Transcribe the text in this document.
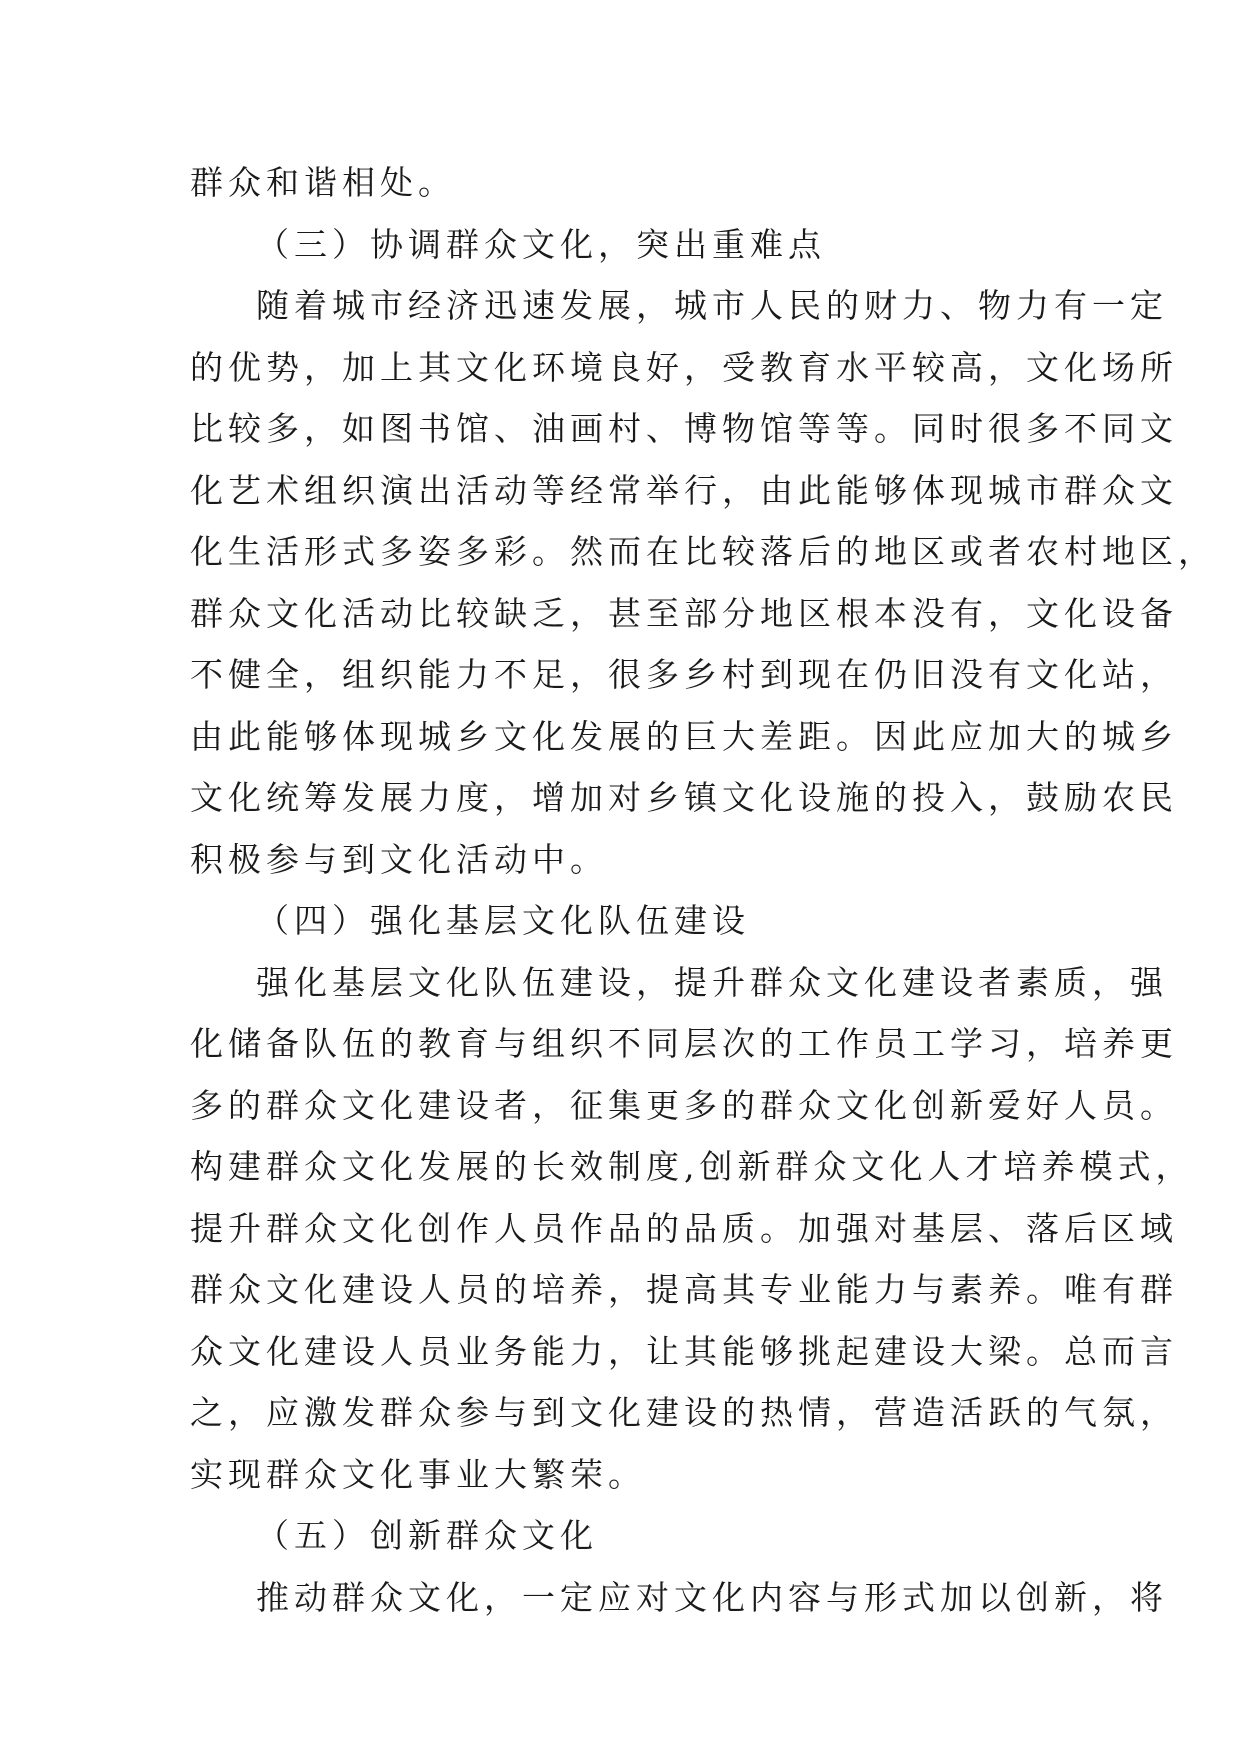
群众和谐相处。

（三）协调群众文化，突出重难点

随着城市经济迅速发展，城市人民的财力、物力有一定
的优势，加上其文化环境良好，受教育水平较高，文化场所
比较多，如图书馆、油画村、博物馆等等。同时很多不同文
化艺术组织演出活动等经常举行，由此能够体现城市群众文
化生活形式多姿多彩。然而在比较落后的地区或者农村地区，
群众文化活动比较缺乏，甚至部分地区根本没有，文化设备
不健全，组织能力不足，很多乡村到现在仍旧没有文化站，
由此能够体现城乡文化发展的巨大差距。因此应加大的城乡
文化统筹发展力度，增加对乡镇文化设施的投入，鼓励农民
积极参与到文化活动中。

（四）强化基层文化队伍建设

强化基层文化队伍建设，提升群众文化建设者素质，强
化储备队伍的教育与组织不同层次的工作员工学习，培养更
多的群众文化建设者，征集更多的群众文化创新爱好人员。
构建群众文化发展的长效制度,创新群众文化人才培养模式，
提升群众文化创作人员作品的品质。加强对基层、落后区域
群众文化建设人员的培养，提高其专业能力与素养。唯有群
众文化建设人员业务能力，让其能够挑起建设大梁。总而言
之，应激发群众参与到文化建设的热情，营造活跃的气氛，
实现群众文化事业大繁荣。

（五）创新群众文化

推动群众文化，一定应对文化内容与形式加以创新，将
